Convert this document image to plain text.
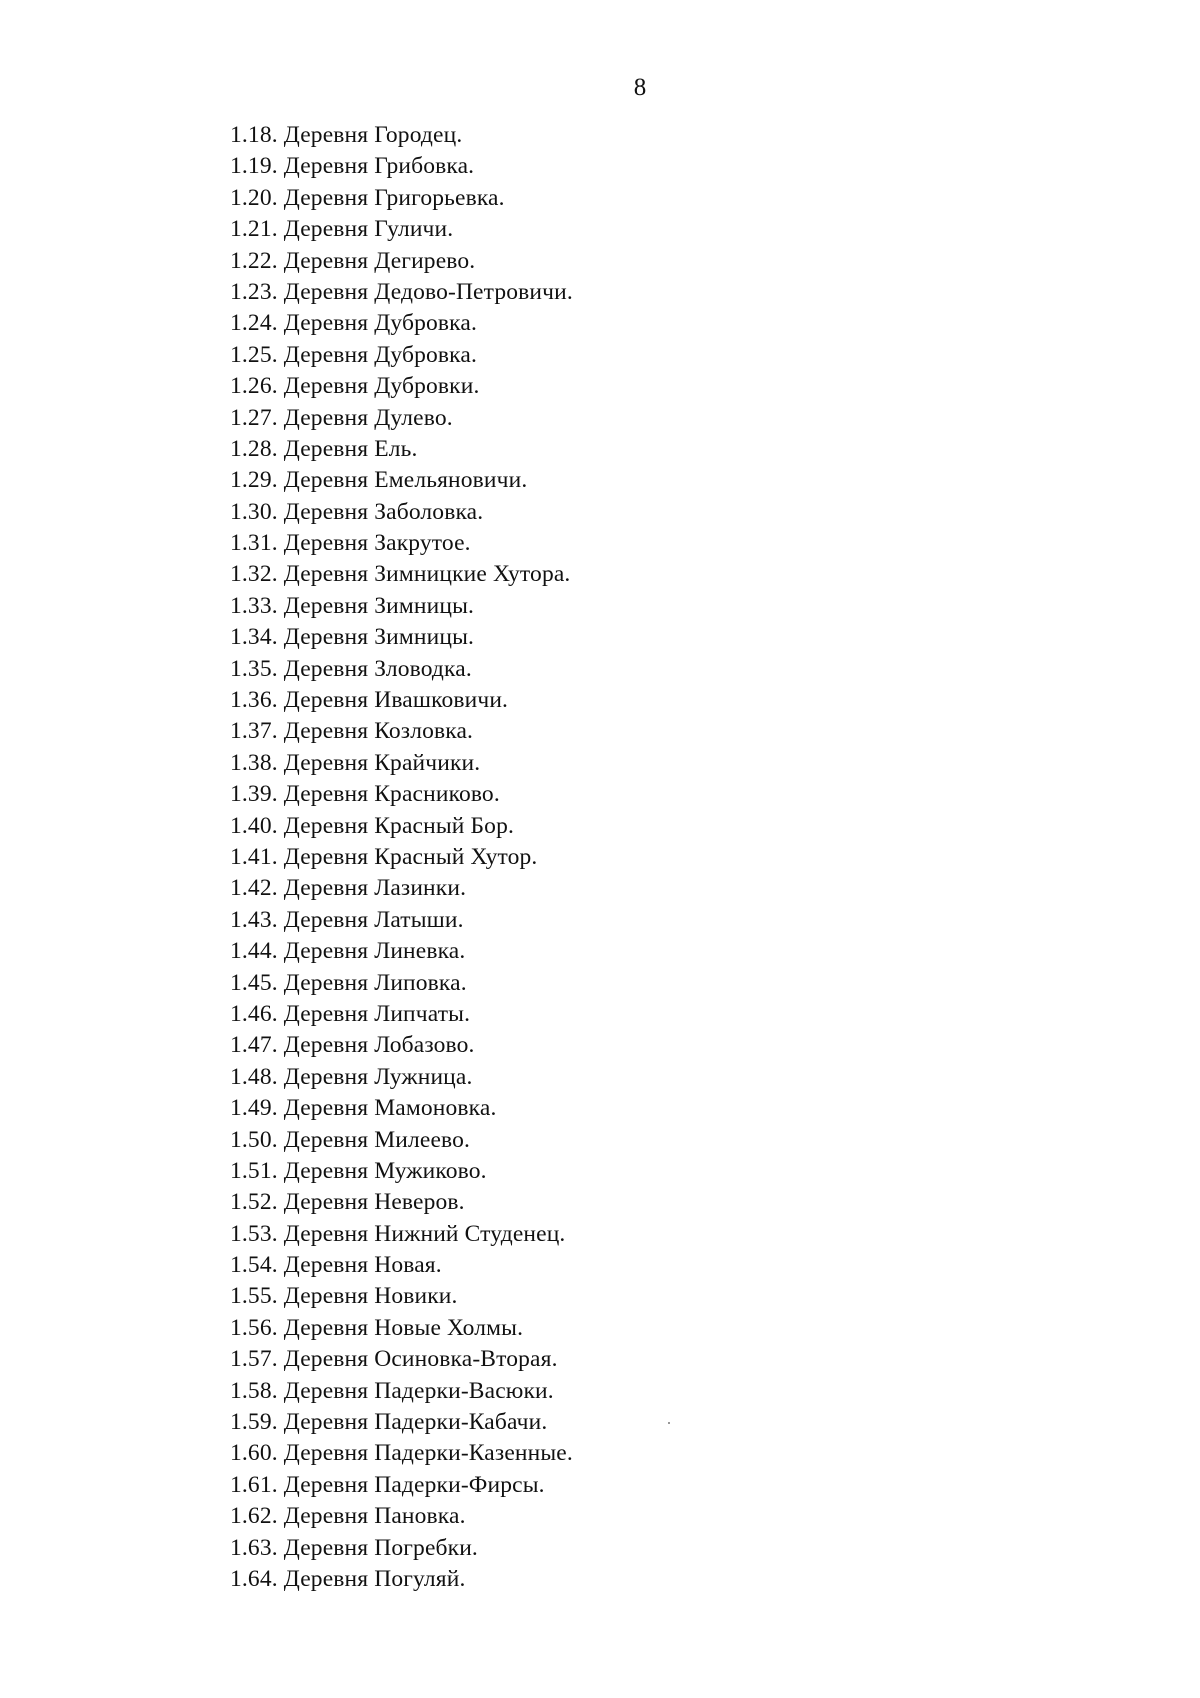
8
1.18. Деревня Городец.
1.19. Деревня Грибовка.
1.20. Деревня Григорьевка.
1.21. Деревня Гуличи.
1.22. Деревня Дегирево.
1.23. Деревня Дедово-Петровичи.
1.24. Деревня Дубровка.
1.25. Деревня Дубровка.
1.26. Деревня Дубровки.
1.27. Деревня Дулево.
1.28. Деревня Ель.
1.29. Деревня Емельяновичи.
1.30. Деревня Заболовка.
1.31. Деревня Закрутое.
1.32. Деревня Зимницкие Хутора.
1.33. Деревня Зимницы.
1.34. Деревня Зимницы.
1.35. Деревня Зловодка.
1.36. Деревня Ивашковичи.
1.37. Деревня Козловка.
1.38. Деревня Крайчики.
1.39. Деревня Красниково.
1.40. Деревня Красный Бор.
1.41. Деревня Красный Хутор.
1.42. Деревня Лазинки.
1.43. Деревня Латыши.
1.44. Деревня Линевка.
1.45. Деревня Липовка.
1.46. Деревня Липчаты.
1.47. Деревня Лобазово.
1.48. Деревня Лужница.
1.49. Деревня Мамоновка.
1.50. Деревня Милеево.
1.51. Деревня Мужиково.
1.52. Деревня Неверов.
1.53. Деревня Нижний Студенец.
1.54. Деревня Новая.
1.55. Деревня Новики.
1.56. Деревня Новые Холмы.
1.57. Деревня Осиновка-Вторая.
1.58. Деревня Падерки-Васюки.
1.59. Деревня Падерки-Кабачи.
1.60. Деревня Падерки-Казенные.
1.61. Деревня Падерки-Фирсы.
1.62. Деревня Пановка.
1.63. Деревня Погребки.
1.64. Деревня Погуляй.
